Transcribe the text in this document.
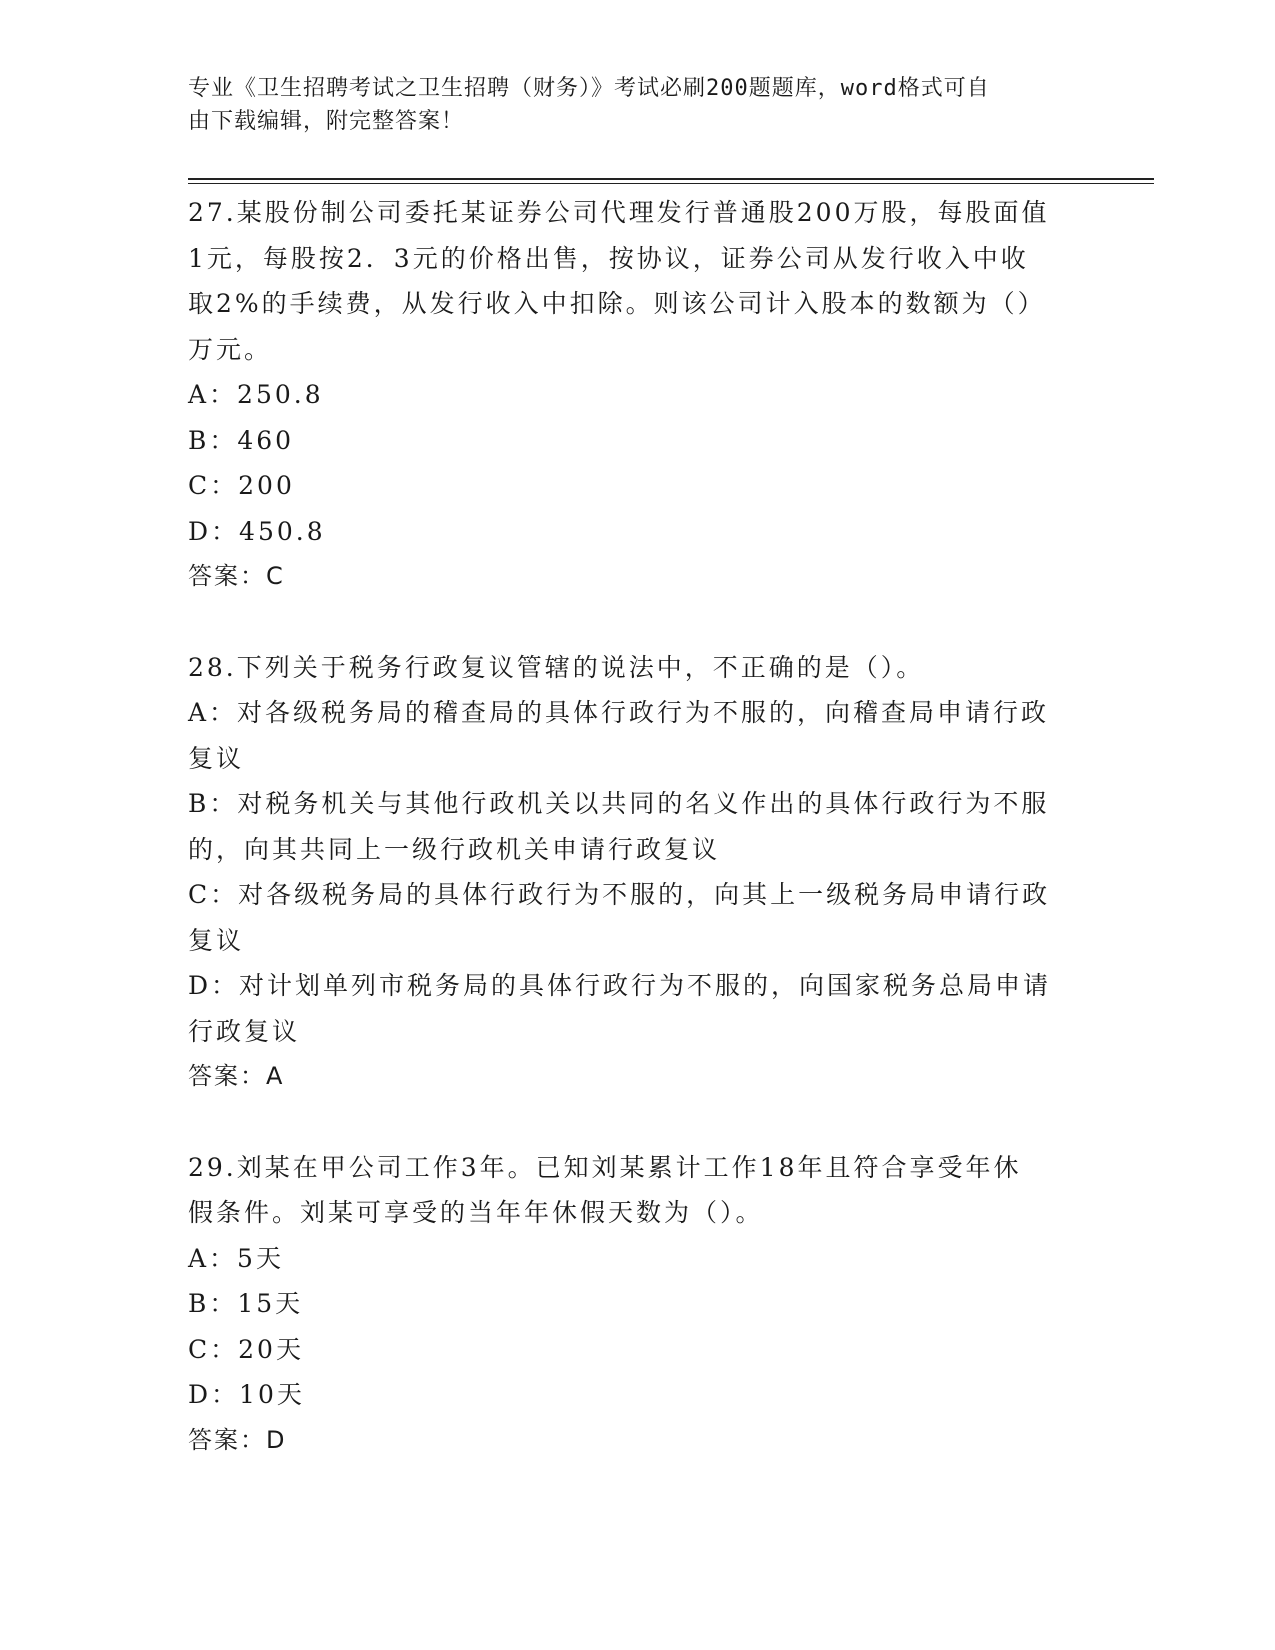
专业《卫生招聘考试之卫生招聘（财务）》考试必刷200题题库，word格式可自
由下载编辑，附完整答案！
27.某股份制公司委托某证券公司代理发行普通股200万股，每股面值
1元，每股按2．3元的价格出售，按协议，证券公司从发行收入中收
取2%的手续费，从发行收入中扣除。则该公司计入股本的数额为（）
万元。
A：250.8
B：460
C：200
D：450.8
答案：C
28.下列关于税务行政复议管辖的说法中，不正确的是（）。
A：对各级税务局的稽查局的具体行政行为不服的，向稽查局申请行政
复议
B：对税务机关与其他行政机关以共同的名义作出的具体行政行为不服
的，向其共同上一级行政机关申请行政复议
C：对各级税务局的具体行政行为不服的，向其上一级税务局申请行政
复议
D：对计划单列市税务局的具体行政行为不服的，向国家税务总局申请
行政复议
答案：A
29.刘某在甲公司工作3年。已知刘某累计工作18年且符合享受年休
假条件。刘某可享受的当年年休假天数为（）。
A：5天
B：15天
C：20天
D：10天
答案：D
